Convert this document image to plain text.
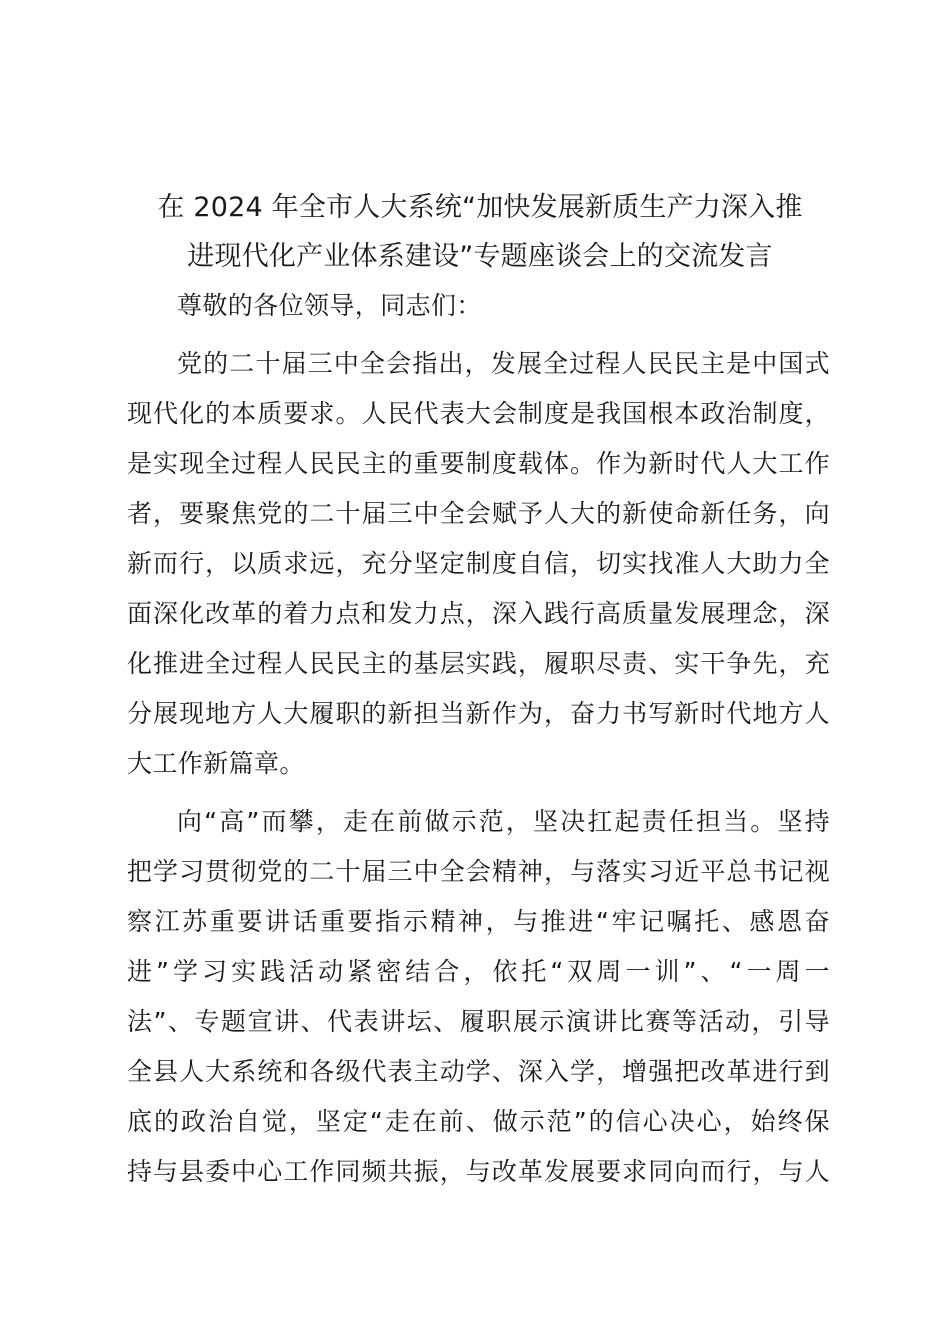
在 2024 年全市人大系统“加快发展新质生产力深入推
进现代化产业体系建设”专题座谈会上的交流发言
尊敬的各位领导，同志们：
党的二十届三中全会指出，发展全过程人民民主是中国式
现代化的本质要求。人民代表大会制度是我国根本政治制度，
是实现全过程人民民主的重要制度载体。作为新时代人大工作
者，要聚焦党的二十届三中全会赋予人大的新使命新任务，向
新而行，以质求远，充分坚定制度自信，切实找准人大助力全
面深化改革的着力点和发力点，深入践行高质量发展理念，深
化推进全过程人民民主的基层实践，履职尽责、实干争先，充
分展现地方人大履职的新担当新作为，奋力书写新时代地方人
大工作新篇章。
向“高”而攀，走在前做示范，坚决扛起责任担当。坚持
把学习贯彻党的二十届三中全会精神，与落实习近平总书记视
察江苏重要讲话重要指示精神，与推进“牢记嘱托、感恩奋
进”学习实践活动紧密结合，依托“双周一训”、“一周一
法”、专题宣讲、代表讲坛、履职展示演讲比赛等活动，引导
全县人大系统和各级代表主动学、深入学，增强把改革进行到
底的政治自觉，坚定“走在前、做示范”的信心决心，始终保
持与县委中心工作同频共振，与改革发展要求同向而行，与人
